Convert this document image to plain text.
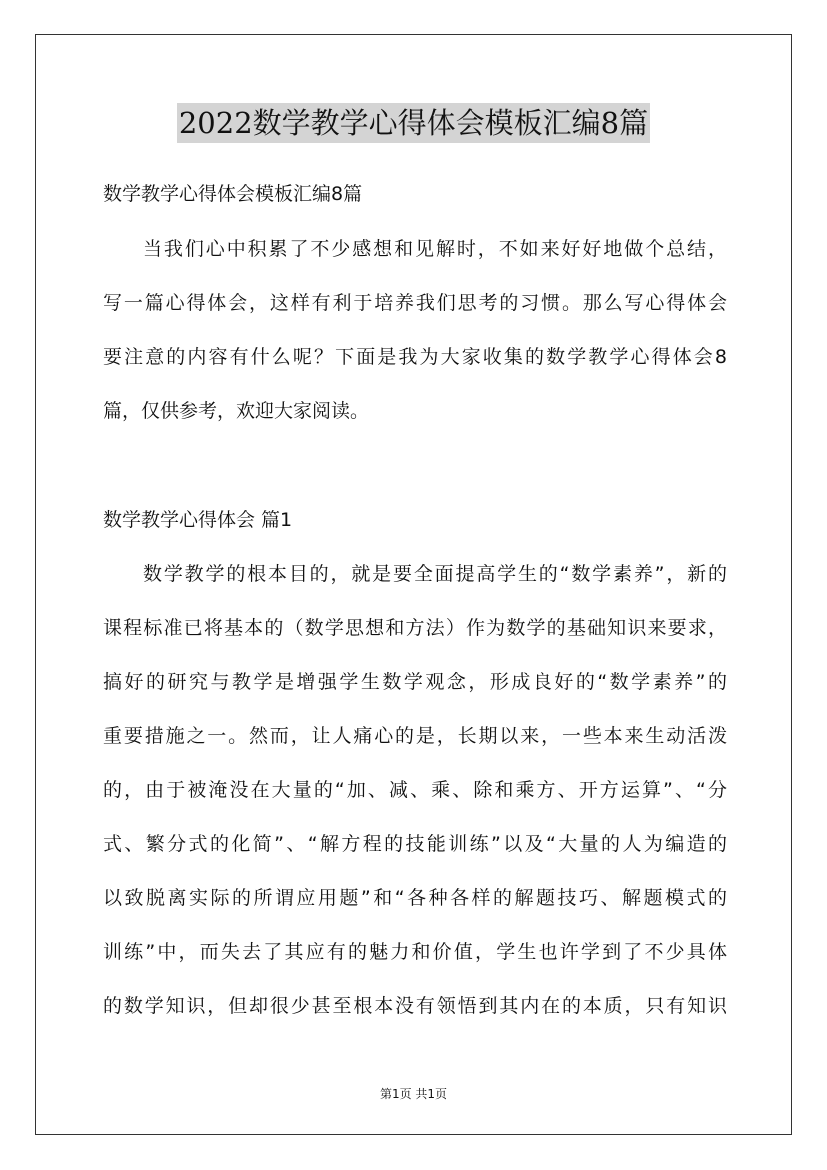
2022数学教学心得体会模板汇编8篇
数学教学心得体会模板汇编8篇
当我们心中积累了不少感想和见解时，不如来好好地做个总结，
写一篇心得体会，这样有利于培养我们思考的习惯。那么写心得体会
要注意的内容有什么呢？下面是我为大家收集的数学教学心得体会8
篇，仅供参考，欢迎大家阅读。
数学教学心得体会 篇1
数学教学的根本目的，就是要全面提高学生的“数学素养”，新的
课程标准已将基本的（数学思想和方法）作为数学的基础知识来要求，
搞好的研究与教学是增强学生数学观念，形成良好的“数学素养”的
重要措施之一。然而，让人痛心的是，长期以来，一些本来生动活泼
的，由于被淹没在大量的“加、减、乘、除和乘方、开方运算”、“分
式、繁分式的化简”、“解方程的技能训练”以及“大量的人为编造的
以致脱离实际的所谓应用题”和“各种各样的解题技巧、解题模式的
训练”中，而失去了其应有的魅力和价值，学生也许学到了不少具体
的数学知识，但却很少甚至根本没有领悟到其内在的本质，只有知识
第1页 共1页
